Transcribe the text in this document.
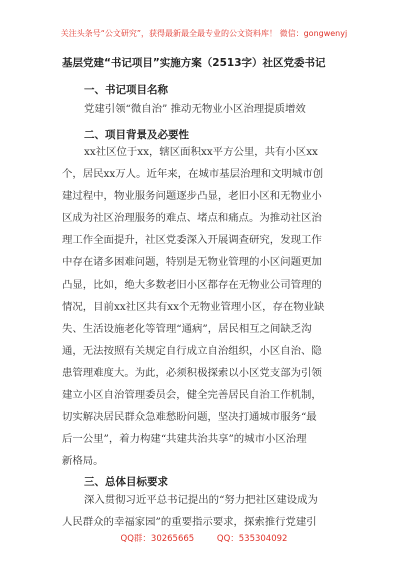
关注头条号“公文研究”，获得最新最全最专业的公文资料库！ 微信：gongwenyj
基层党建“书记项目”实施方案（2513字）社区党委书记
一、书记项目名称
党建引领“微自治” 推动无物业小区治理提质增效
二、项目背景及必要性
xx社区位于xx，辖区面积xx平方公里，共有小区xx
个，居民xx万人。近年来，在城市基层治理和文明城市创
建过程中，物业服务问题逐步凸显，老旧小区和无物业小
区成为社区治理服务的难点、堵点和痛点。为推动社区治
理工作全面提升，社区党委深入开展调查研究，发现工作
中存在诸多困难问题，特别是无物业管理的小区问题更加
凸显，比如，绝大多数老旧小区都存在无物业公司管理的
情况，目前xx社区共有xx个无物业管理小区，存在物业缺
失、生活设施老化等管理“通病”，居民相互之间缺乏沟
通，无法按照有关规定自行成立自治组织，小区自治、隐
患管理难度大。为此，必须积极探索以小区党支部为引领
建立小区自治管理委员会，健全完善居民自治工作机制，
切实解决居民群众急难愁盼问题，坚决打通城市服务“最
后一公里”，着力构建“共建共治共享”的城市小区治理
新格局。
三、总体目标要求
深入贯彻习近平总书记提出的“努力把社区建设成为
人民群众的幸福家园”的重要指示要求，探索推行党建引
QQ群：30265665	QQ：535304092
